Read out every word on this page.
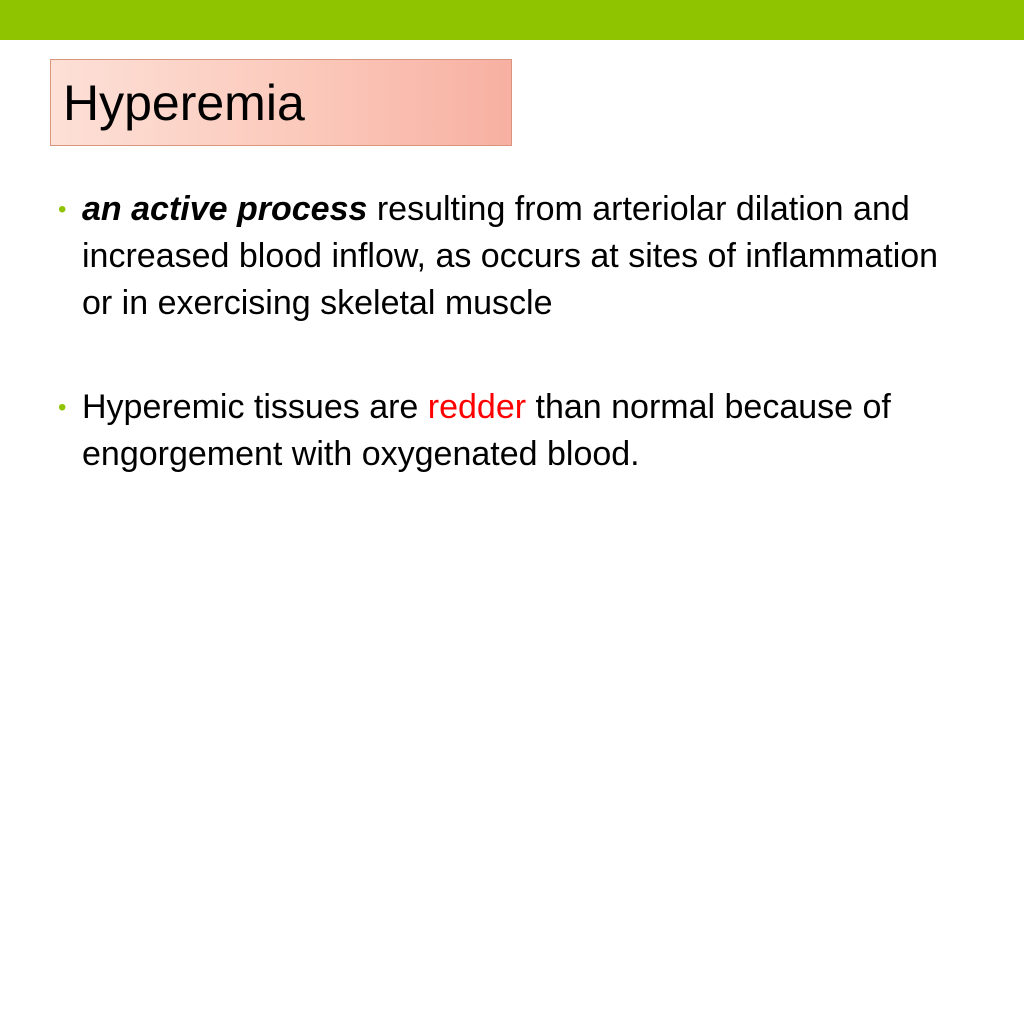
Hyperemia
• an active process resulting from arteriolar dilation and increased blood inflow, as occurs at sites of inflammation or in exercising skeletal muscle
• Hyperemic tissues are redder than normal because of engorgement with oxygenated blood.
